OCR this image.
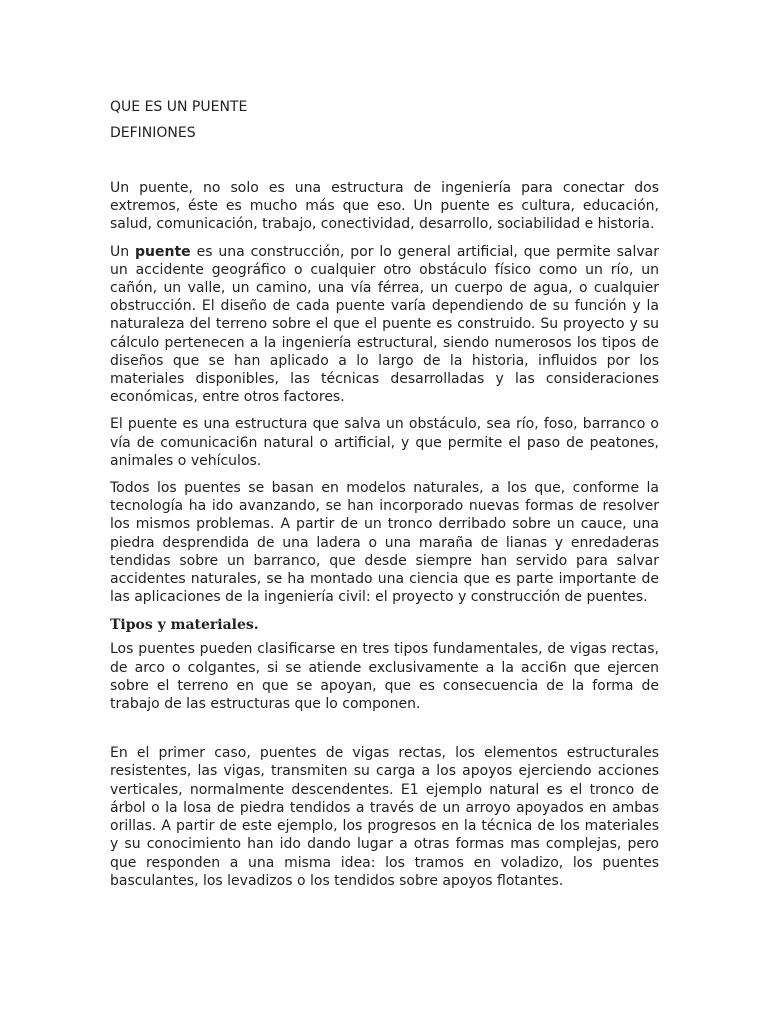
QUE ES UN PUENTE
DEFINIONES

Un puente, no solo es una estructura de ingeniería para conectar dos extremos, éste es mucho más que eso. Un puente es cultura, educación, salud, comunicación, trabajo, conectividad, desarrollo, sociabilidad e historia.

Un puente es una construcción, por lo general artificial, que permite salvar un accidente geográfico o cualquier otro obstáculo físico como un río, un cañón, un valle, un camino, una vía férrea, un cuerpo de agua, o cualquier obstrucción. El diseño de cada puente varía dependiendo de su función y la naturaleza del terreno sobre el que el puente es construido. Su proyecto y su cálculo pertenecen a la ingeniería estructural, siendo numerosos los tipos de diseños que se han aplicado a lo largo de la historia, influidos por los materiales disponibles, las técnicas desarrolladas y las consideraciones económicas, entre otros factores.

El puente es una estructura que salva un obstáculo, sea río, foso, barranco o vía de comunicaci6n natural o artificial, y que permite el paso de peatones, animales o vehículos.

Todos los puentes se basan en modelos naturales, a los que, conforme la tecnología ha ido avanzando, se han incorporado nuevas formas de resolver los mismos problemas. A partir de un tronco derribado sobre un cauce, una piedra desprendida de una ladera o una maraña de lianas y enredaderas tendidas sobre un barranco, que desde siempre han servido para salvar accidentes naturales, se ha montado una ciencia que es parte importante de las aplicaciones de la ingeniería civil: el proyecto y construcción de puentes.

Tipos y materiales.

Los puentes pueden clasificarse en tres tipos fundamentales, de vigas rectas, de arco o colgantes, si se atiende exclusivamente a la acci6n que ejercen sobre el terreno en que se apoyan, que es consecuencia de la forma de trabajo de las estructuras que lo componen.

En el primer caso, puentes de vigas rectas, los elementos estructurales resistentes, las vigas, transmiten su carga a los apoyos ejerciendo acciones verticales, normalmente descendentes. E1 ejemplo natural es el tronco de árbol o la losa de piedra tendidos a través de un arroyo apoyados en ambas orillas. A partir de este ejemplo, los progresos en la técnica de los materiales y su conocimiento han ido dando lugar a otras formas mas complejas, pero que responden a una misma idea: los tramos en voladizo, los puentes basculantes, los levadizos o los tendidos sobre apoyos flotantes.
